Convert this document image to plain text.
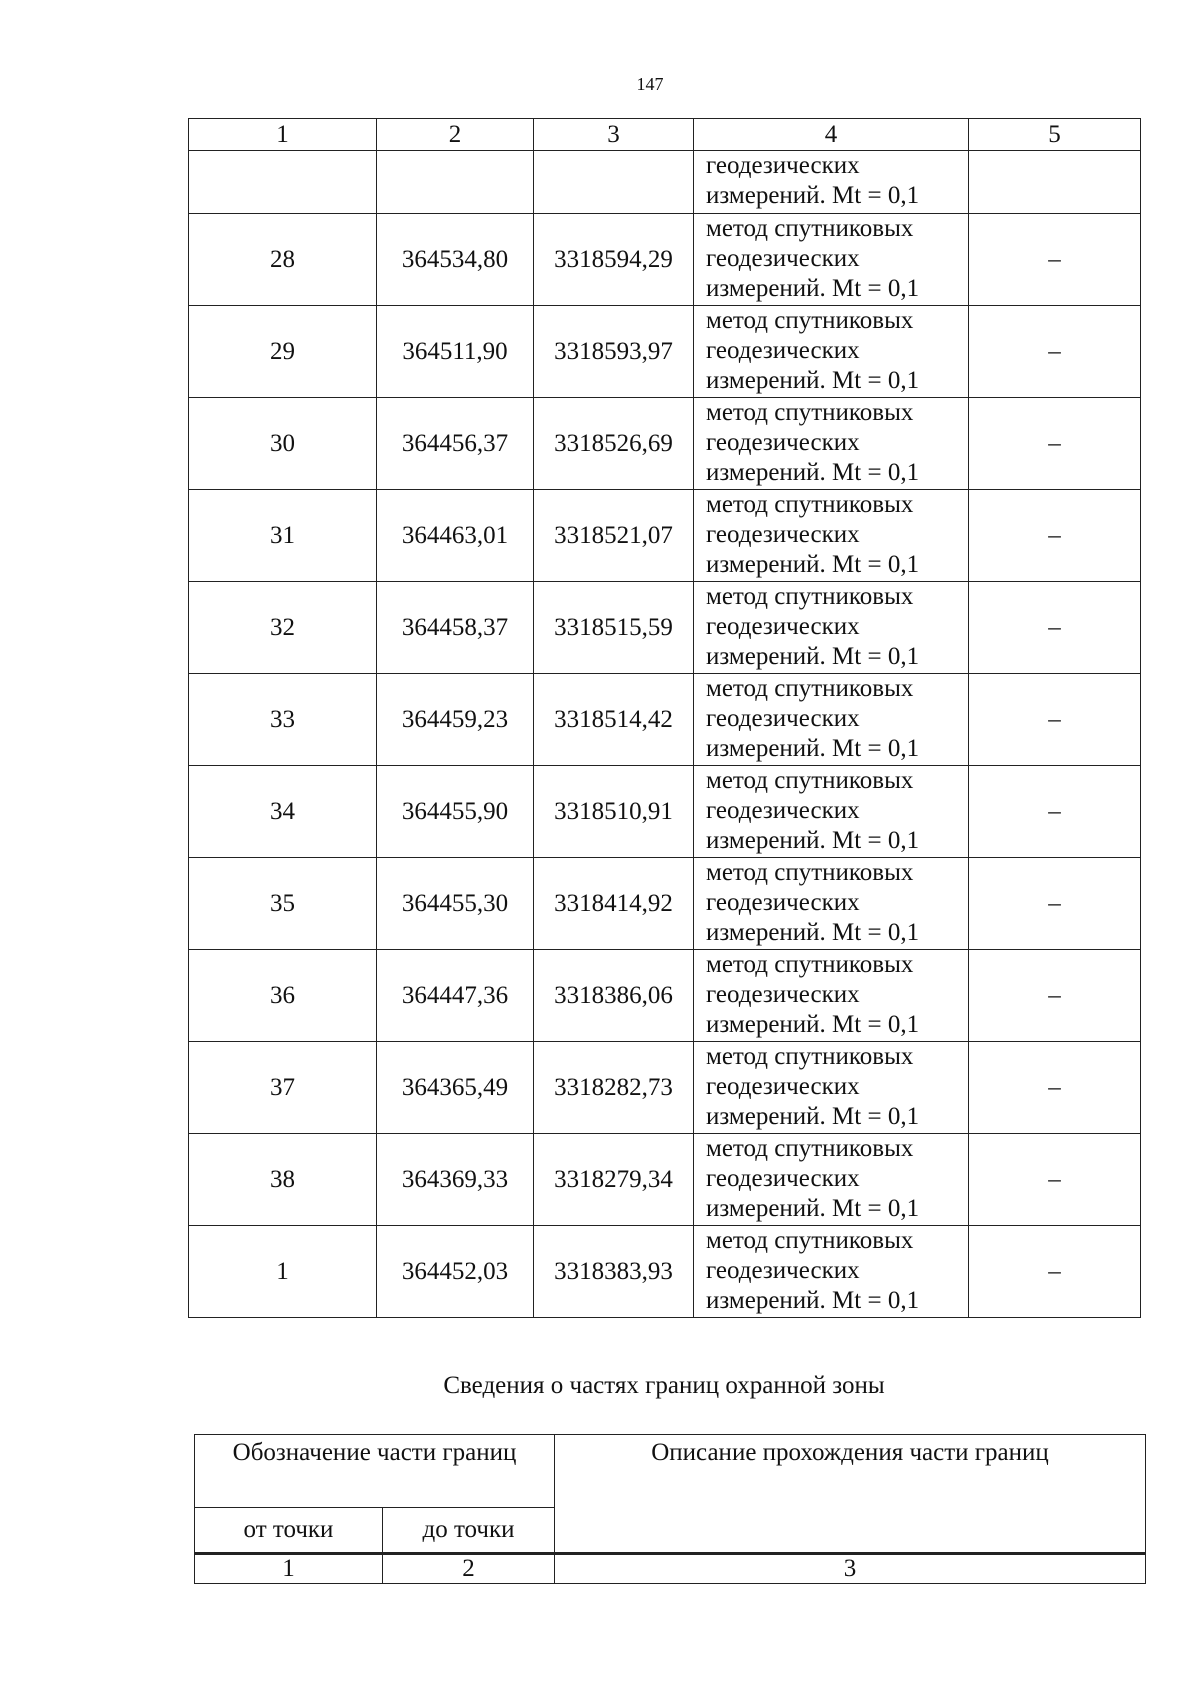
147
1	2	3	4	5

			геодезических
измерений. Mt = 0,1	

28	364534,80	3318594,29	метод спутниковых
геодезических
измерений. Mt = 0,1	–
29	364511,90	3318593,97	метод спутниковых
геодезических
измерений. Mt = 0,1	–
30	364456,37	3318526,69	метод спутниковых
геодезических
измерений. Mt = 0,1	–
31	364463,01	3318521,07	метод спутниковых
геодезических
измерений. Mt = 0,1	–
32	364458,37	3318515,59	метод спутниковых
геодезических
измерений. Mt = 0,1	–
33	364459,23	3318514,42	метод спутниковых
геодезических
измерений. Mt = 0,1	–
34	364455,90	3318510,91	метод спутниковых
геодезических
измерений. Mt = 0,1	–
35	364455,30	3318414,92	метод спутниковых
геодезических
измерений. Mt = 0,1	–
36	364447,36	3318386,06	метод спутниковых
геодезических
измерений. Mt = 0,1	–
37	364365,49	3318282,73	метод спутниковых
геодезических
измерений. Mt = 0,1	–
38	364369,33	3318279,34	метод спутниковых
геодезических
измерений. Mt = 0,1	–
1	364452,03	3318383,93	метод спутниковых
геодезических
измерений. Mt = 0,1	–
Сведения о частях границ охранной зоны
Обозначение части границ		Описание прохождения части границ
от точки	до точки	
1	2	3
